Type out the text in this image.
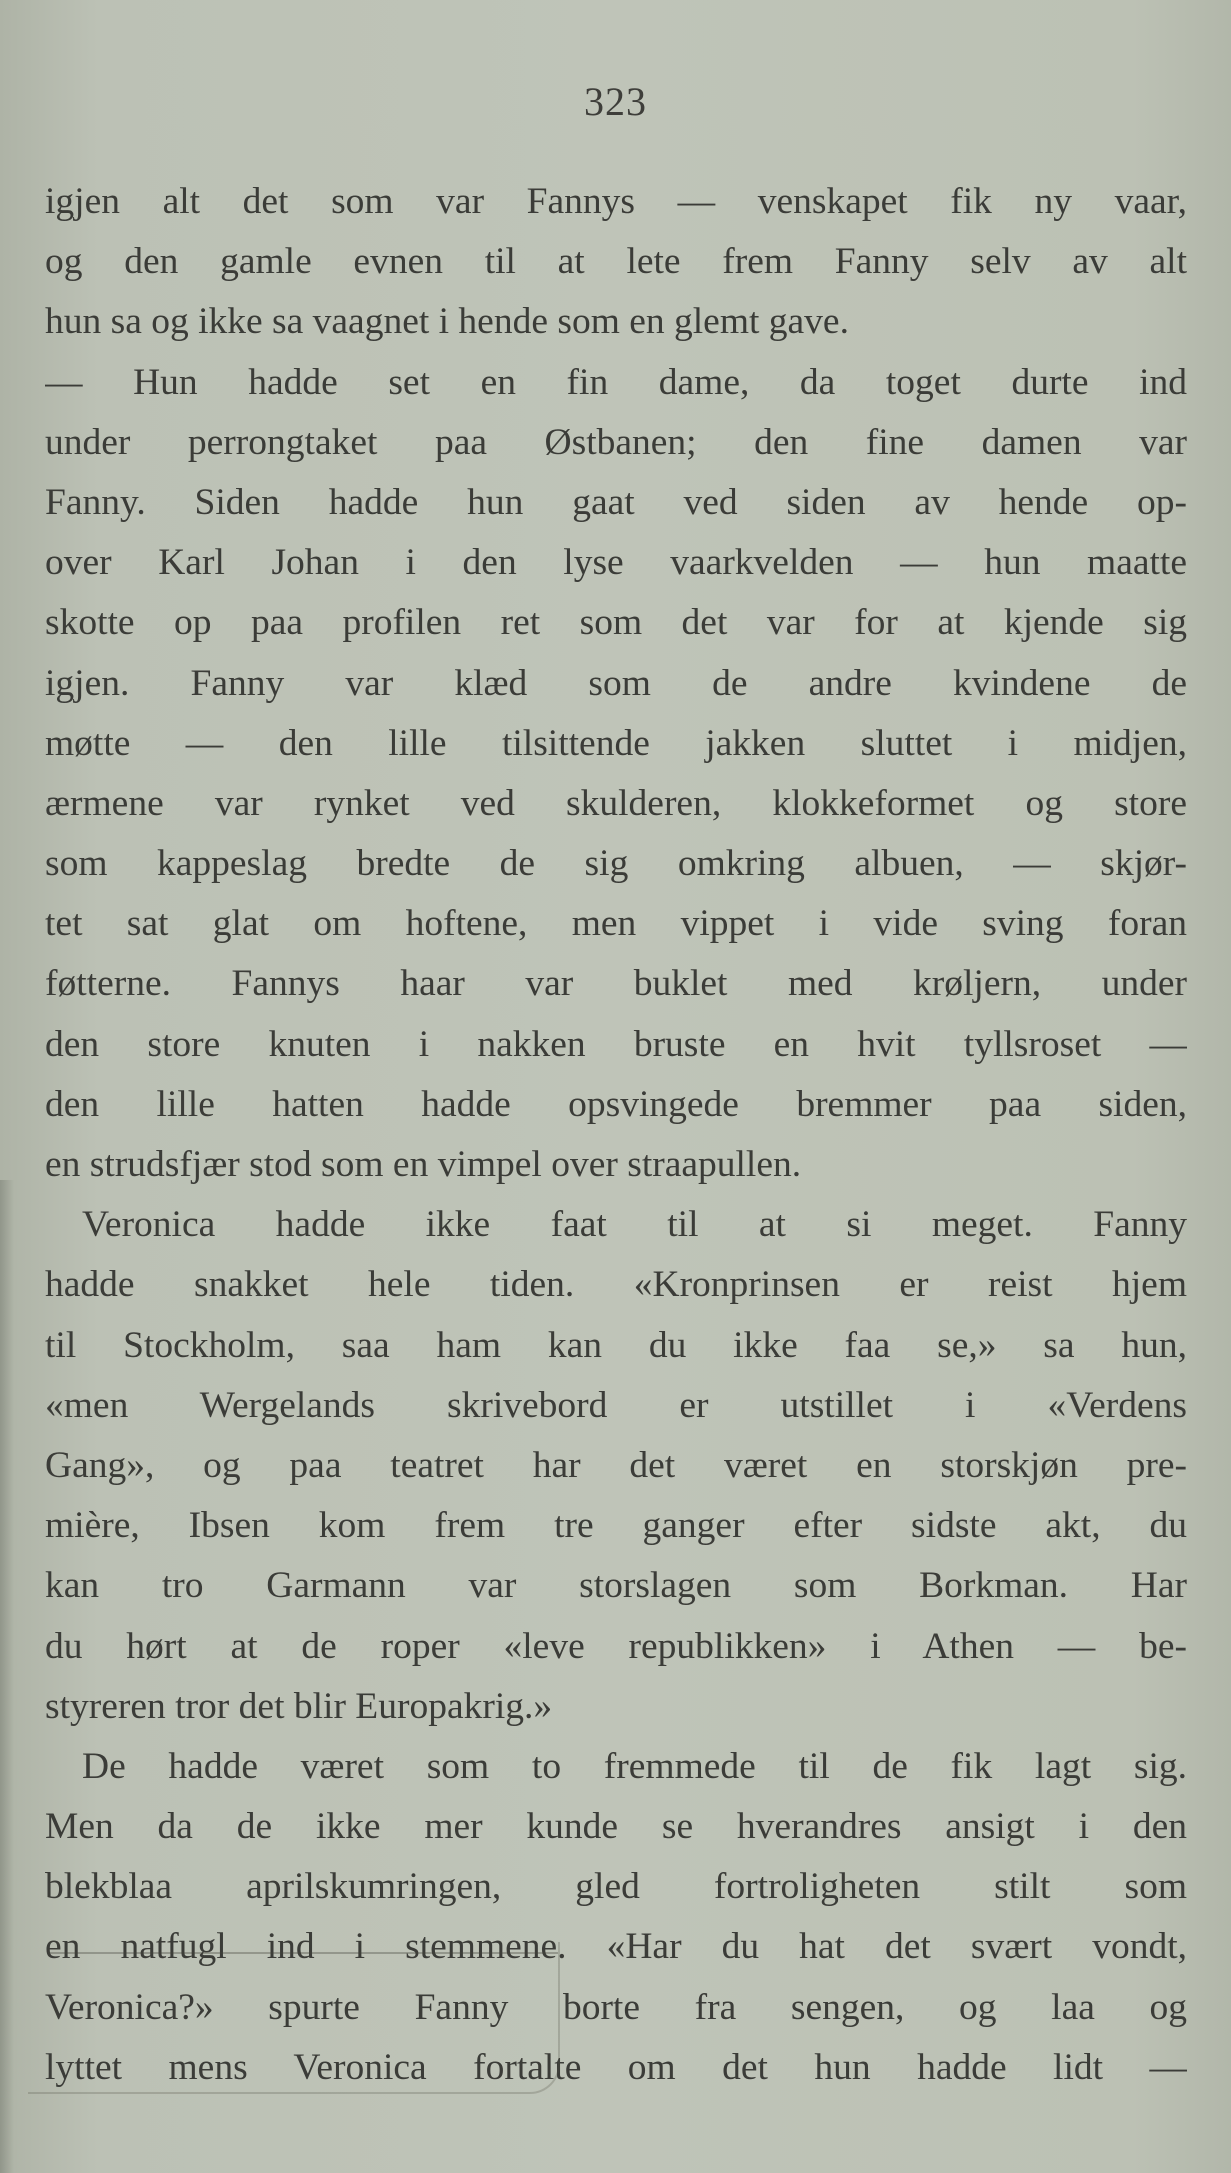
323
igjen alt det som var Fannys — venskapet fik ny vaar,
og den gamle evnen til at lete frem Fanny selv av alt
hun sa og ikke sa vaagnet i hende som en glemt gave.
— Hun hadde set en fin dame, da toget durte ind
under perrongtaket paa Østbanen; den fine damen var
Fanny. Siden hadde hun gaat ved siden av hende op-
over Karl Johan i den lyse vaarkvelden — hun maatte
skotte op paa profilen ret som det var for at kjende sig
igjen. Fanny var klæd som de andre kvindene de
møtte — den lille tilsittende jakken sluttet i midjen,
ærmene var rynket ved skulderen, klokkeformet og store
som kappeslag bredte de sig omkring albuen, — skjør-
tet sat glat om hoftene, men vippet i vide sving foran
føtterne. Fannys haar var buklet med krøljern, under
den store knuten i nakken bruste en hvit tyllsroset —
den lille hatten hadde opsvingede bremmer paa siden,
en strudsfjær stod som en vimpel over straapullen.
Veronica hadde ikke faat til at si meget. Fanny
hadde snakket hele tiden. «Kronprinsen er reist hjem
til Stockholm, saa ham kan du ikke faa se,» sa hun,
«men Wergelands skrivebord er utstillet i «Verdens
Gang», og paa teatret har det været en storskjøn pre-
mière, Ibsen kom frem tre ganger efter sidste akt, du
kan tro Garmann var storslagen som Borkman. Har
du hørt at de roper «leve republikken» i Athen — be-
styreren tror det blir Europakrig.»
De hadde været som to fremmede til de fik lagt sig.
Men da de ikke mer kunde se hverandres ansigt i den
blekblaa aprilskumringen, gled fortroligheten stilt som
en natfugl ind i stemmene. «Har du hat det svært vondt,
Veronica?» spurte Fanny borte fra sengen, og laa og
lyttet mens Veronica fortalte om det hun hadde lidt —
